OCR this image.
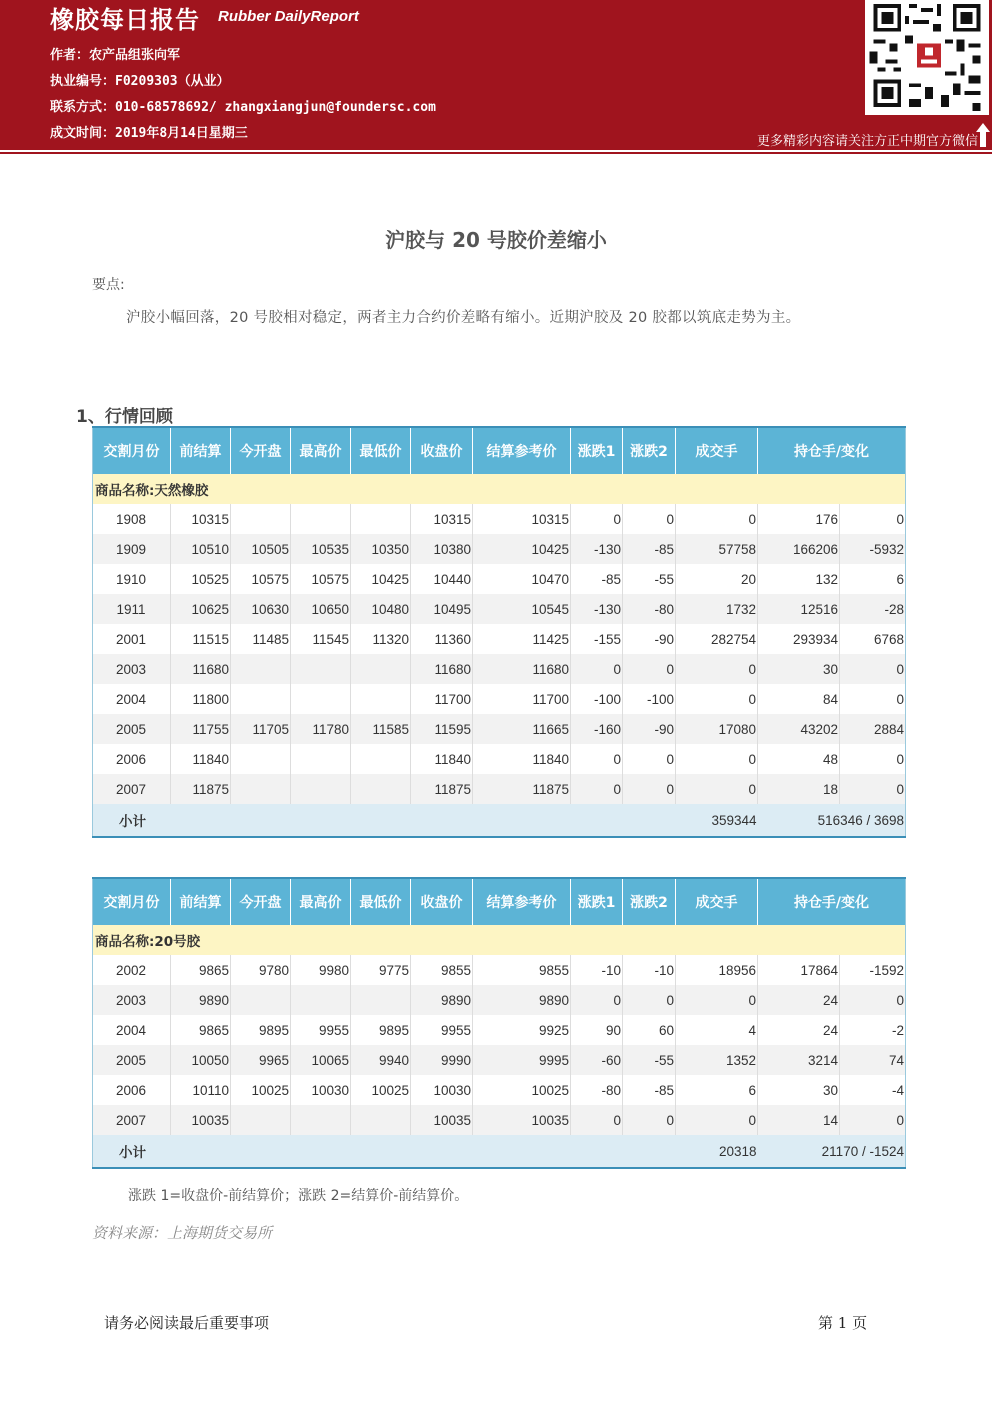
橡胶每日报告 Rubber DailyReport
作者：农产品组张向军
执业编号：F0209303（从业）
联系方式：010-68578692/ zhangxiangjun@foundersc.com
成文时间：2019年8月14日星期三
更多精彩内容请关注方正中期官方微信
沪胶与 20 号胶价差缩小
要点:
沪胶小幅回落，20 号胶相对稳定，两者主力合约价差略有缩小。近期沪胶及 20 胶都以筑底走势为主。
1、行情回顾
交割月份	前结算	今开盘	最高价	最低价	收盘价	结算参考价	涨跌1	涨跌2	成交手	持仓手/变化	
商品名称:天然橡胶											
1908	10315				10315	10315	0	0	0	176	0
1909	10510	10505	10535	10350	10380	10425	-130	-85	57758	166206	-5932
1910	10525	10575	10575	10425	10440	10470	-85	-55	20	132	6
1911	10625	10630	10650	10480	10495	10545	-130	-80	1732	12516	-28
2001	11515	11485	11545	11320	11360	11425	-155	-90	282754	293934	6768
2003	11680				11680	11680	0	0	0	30	0
2004	11800				11700	11700	-100	-100	0	84	0
2005	11755	11705	11780	11585	11595	11665	-160	-90	17080	43202	2884
2006	11840				11840	11840	0	0	0	48	0
2007	11875				11875	11875	0	0	0	18	0
小计									359344	516346 / 3698	
交割月份	前结算	今开盘	最高价	最低价	收盘价	结算参考价	涨跌1	涨跌2	成交手	持仓手/变化	
商品名称:20号胶											
2002	9865	9780	9980	9775	9855	9855	-10	-10	18956	17864	-1592
2003	9890				9890	9890	0	0	0	24	0
2004	9865	9895	9955	9895	9955	9925	90	60	4	24	-2
2005	10050	9965	10065	9940	9990	9995	-60	-55	1352	3214	74
2006	10110	10025	10030	10025	10030	10025	-80	-85	6	30	-4
2007	10035				10035	10035	0	0	0	14	0
小计									20318	21170 / -1524	
涨跌 1=收盘价-前结算价；涨跌 2=结算价-前结算价。
资料来源：上海期货交易所
请务必阅读最后重要事项	第 1 页
